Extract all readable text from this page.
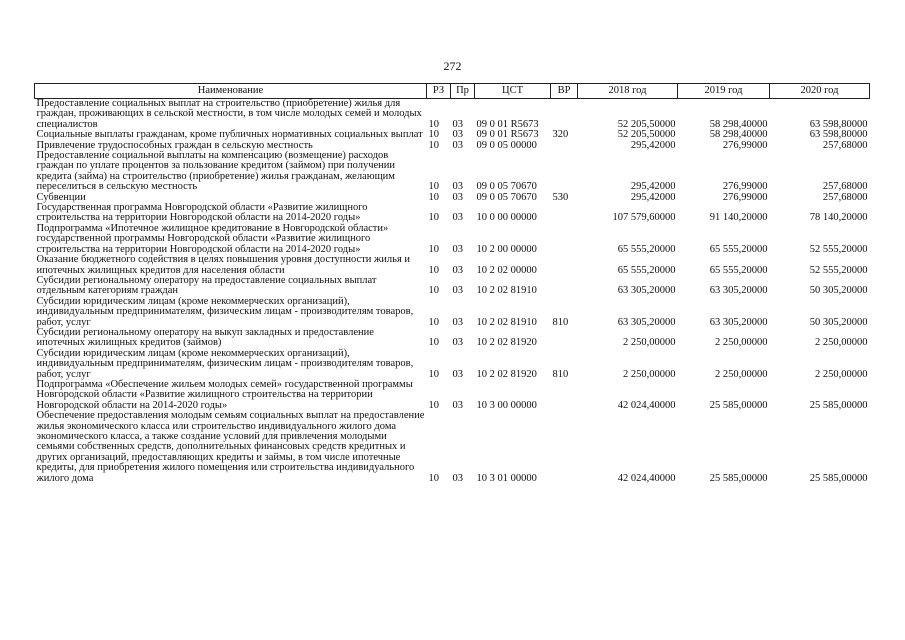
272
Наименование	РЗ	Пр	ЦСТ	ВР	2018 год	2019 год	2020 год
Предоставление социальных выплат на строительство (приобретение) жилья для граждан, проживающих в сельской местности, в том числе молодых семей и молодых специалистов	10	03	09 0 01 R5673		52 205,50000	58 298,40000	63 598,80000
Социальные выплаты гражданам, кроме публичных нормативных социальных выплат	10	03	09 0 01 R5673	320	52 205,50000	58 298,40000	63 598,80000
Привлечение трудоспособных граждан в сельскую местность	10	03	09 0 05 00000		295,42000	276,99000	257,68000
Предоставление социальной выплаты на компенсацию (возмещение) расходов граждан по уплате процентов за пользование кредитом (займом) при получении кредита (займа) на строительство (приобретение) жилья гражданам, желающим переселиться в сельскую местность	10	03	09 0 05 70670		295,42000	276,99000	257,68000
Субвенции	10	03	09 0 05 70670	530	295,42000	276,99000	257,68000
Государственная программа Новгородской области «Развитие жилищного строительства на территории Новгородской области на 2014-2020 годы»	10	03	10 0 00 00000		107 579,60000	91 140,20000	78 140,20000
Подпрограмма «Ипотечное жилищное кредитование в Новгородской области» государственной программы Новгородской области «Развитие жилищного строительства на территории Новгородской области на 2014-2020 годы»	10	03	10 2 00 00000		65 555,20000	65 555,20000	52 555,20000
Оказание бюджетного содействия в целях повышения уровня доступности жилья и ипотечных жилищных кредитов для населения области	10	03	10 2 02 00000		65 555,20000	65 555,20000	52 555,20000
Субсидии региональному оператору на предоставление социальных выплат отдельным категориям граждан	10	03	10 2 02 81910		63 305,20000	63 305,20000	50 305,20000
Субсидии юридическим лицам (кроме некоммерческих организаций), индивидуальным предпринимателям, физическим лицам - производителям товаров, работ, услуг	10	03	10 2 02 81910	810	63 305,20000	63 305,20000	50 305,20000
Субсидии региональному оператору на выкуп закладных и предоставление ипотечных жилищных кредитов (займов)	10	03	10 2 02 81920		2 250,00000	2 250,00000	2 250,00000
Субсидии юридическим лицам (кроме некоммерческих организаций), индивидуальным предпринимателям, физическим лицам - производителям товаров, работ, услуг	10	03	10 2 02 81920	810	2 250,00000	2 250,00000	2 250,00000
Подпрограмма «Обеспечение жильем молодых семей» государственной программы Новгородской области «Развитие жилищного строительства на территории Новгородской области на 2014-2020 годы»	10	03	10 3 00 00000		42 024,40000	25 585,00000	25 585,00000
Обеспечение предоставления молодым семьям социальных выплат на предоставление жилья экономического класса или строительство индивидуального жилого дома экономического класса, а также создание условий для привлечения молодыми семьями собственных средств, дополнительных финансовых средств кредитных и других организаций, предоставляющих кредиты и займы, в том числе ипотечные кредиты, для приобретения жилого помещения или строительства индивидуального жилого дома	10	03	10 3 01 00000		42 024,40000	25 585,00000	25 585,00000
